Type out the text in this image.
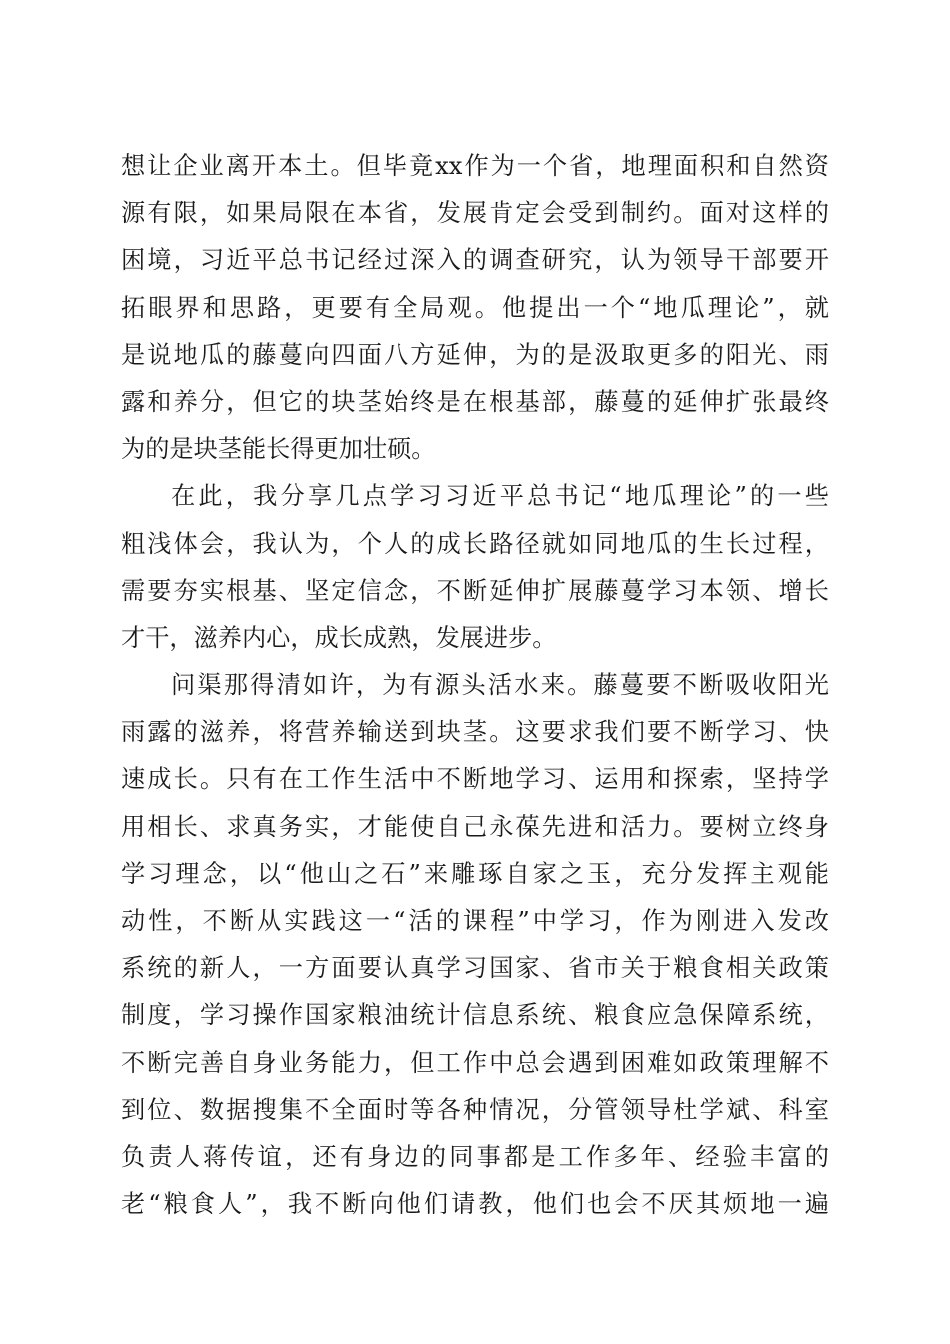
想让企业离开本土。但毕竟xx作为一个省，地理面积和自然资
源有限，如果局限在本省，发展肯定会受到制约。面对这样的
困境，习近平总书记经过深入的调查研究，认为领导干部要开
拓眼界和思路，更要有全局观。他提出一个“地瓜理论”，就
是说地瓜的藤蔓向四面八方延伸，为的是汲取更多的阳光、雨
露和养分，但它的块茎始终是在根基部，藤蔓的延伸扩张最终
为的是块茎能长得更加壮硕。
在此，我分享几点学习习近平总书记“地瓜理论”的一些
粗浅体会，我认为，个人的成长路径就如同地瓜的生长过程，
需要夯实根基、坚定信念，不断延伸扩展藤蔓学习本领、增长
才干，滋养内心，成长成熟，发展进步。
问渠那得清如许，为有源头活水来。藤蔓要不断吸收阳光
雨露的滋养，将营养输送到块茎。这要求我们要不断学习、快
速成长。只有在工作生活中不断地学习、运用和探索，坚持学
用相长、求真务实，才能使自己永葆先进和活力。要树立终身
学习理念，以“他山之石”来雕琢自家之玉，充分发挥主观能
动性，不断从实践这一“活的课程”中学习，作为刚进入发改
系统的新人，一方面要认真学习国家、省市关于粮食相关政策
制度，学习操作国家粮油统计信息系统、粮食应急保障系统，
不断完善自身业务能力，但工作中总会遇到困难如政策理解不
到位、数据搜集不全面时等各种情况，分管领导杜学斌、科室
负责人蒋传谊，还有身边的同事都是工作多年、经验丰富的
老“粮食人”，我不断向他们请教，他们也会不厌其烦地一遍
